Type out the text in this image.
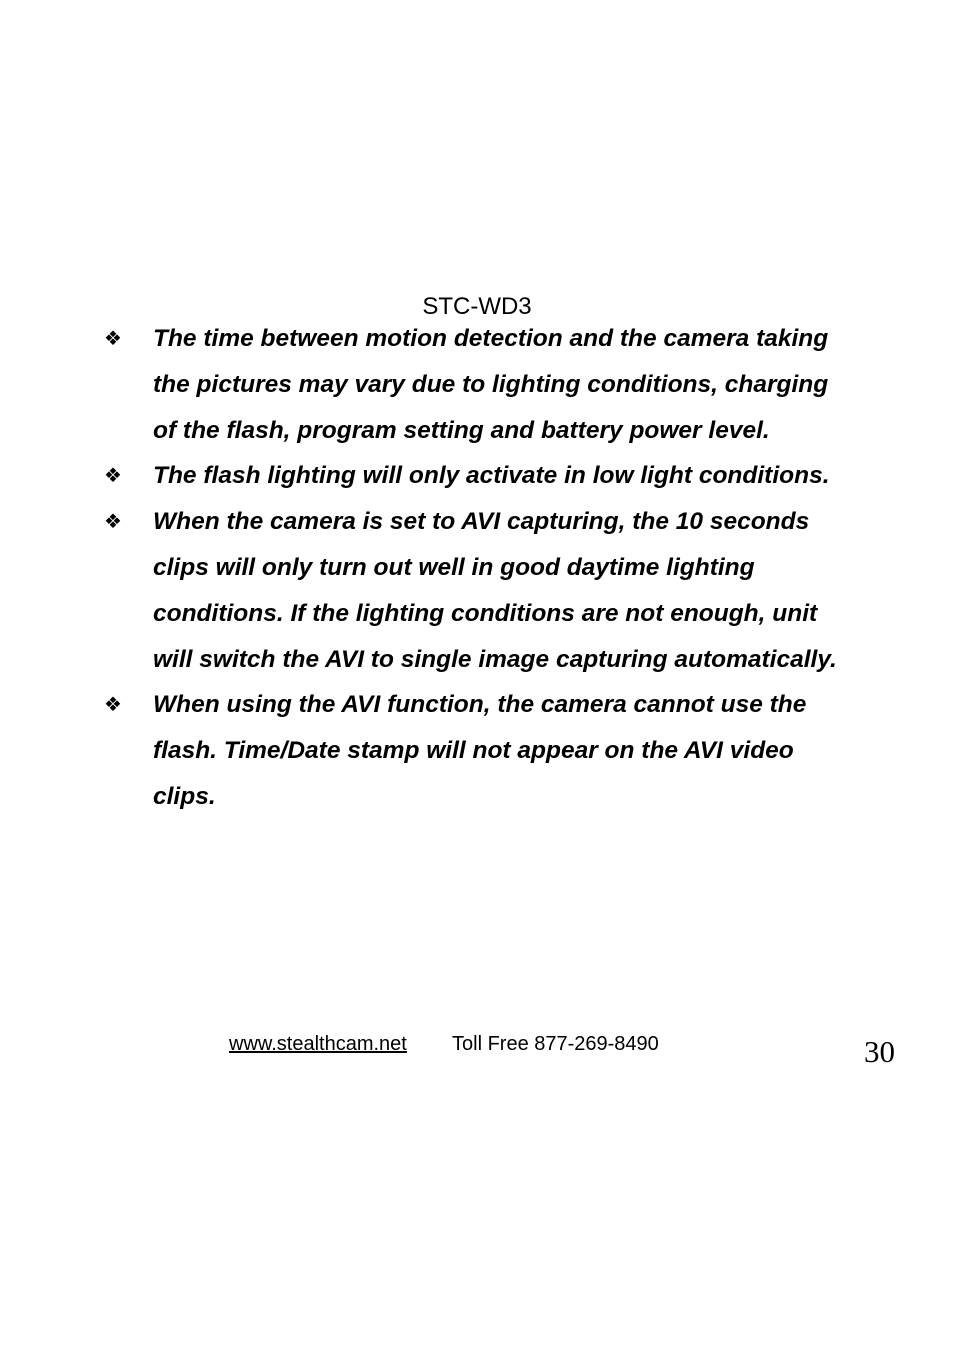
STC-WD3
❖ The time between motion detection and the camera taking
the pictures may vary due to lighting conditions, charging
of the flash, program setting and battery power level.
❖ The flash lighting will only activate in low light conditions.
❖ When the camera is set to AVI capturing, the 10 seconds
clips will only turn out well in good daytime lighting
conditions. If the lighting conditions are not enough, unit
will switch the AVI to single image capturing automatically.
❖ When using the AVI function, the camera cannot use the
flash. Time/Date stamp will not appear on the AVI video
clips.
www.stealthcam.net Toll Free 877-269-8490	30
